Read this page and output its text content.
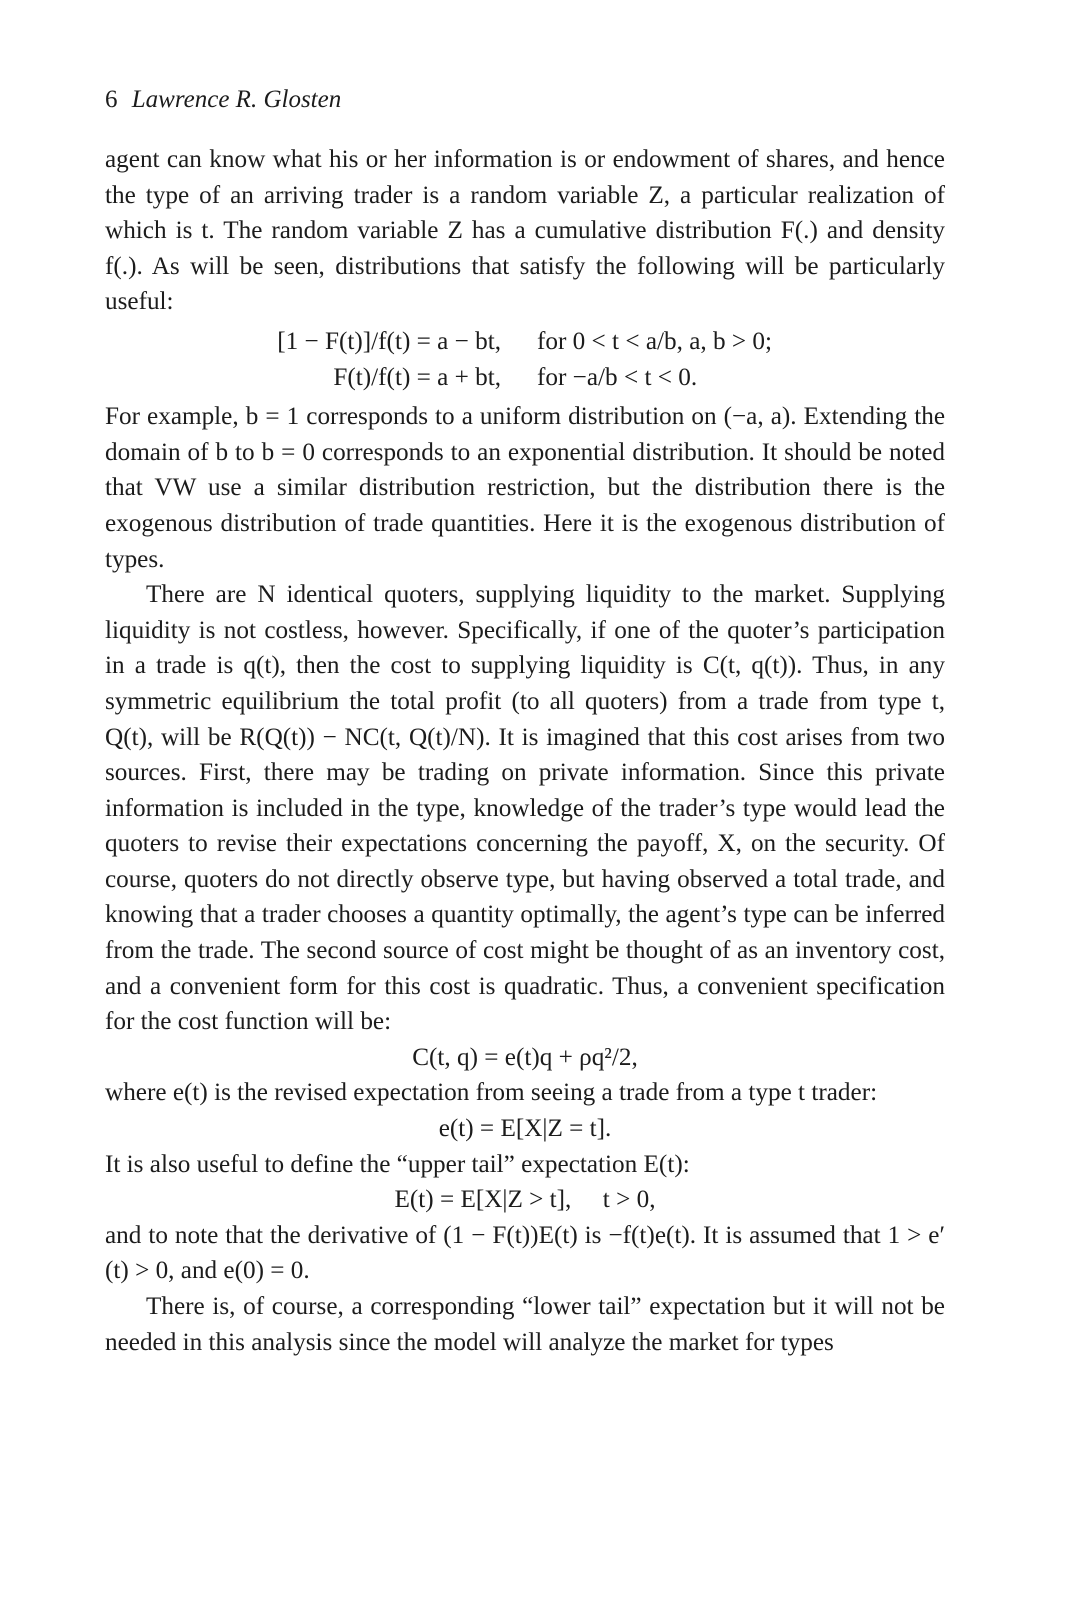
6 Lawrence R. Glosten

agent can know what his or her information is or endowment of shares, and hence the type of an arriving trader is a random variable Z, a particular realization of which is t. The random variable Z has a cumulative distribution F(.) and density f(.). As will be seen, distributions that satisfy the following will be particularly useful:

[1 − F(t)]/f(t) = a − bt, for 0 < t < a/b, a, b > 0;
F(t)/f(t) = a + bt, for −a/b < t < 0.

For example, b = 1 corresponds to a uniform distribution on (−a, a). Extending the domain of b to b = 0 corresponds to an exponential distribution. It should be noted that VW use a similar distribution restriction, but the distribution there is the exogenous distribution of trade quantities. Here it is the exogenous distribution of types.

There are N identical quoters, supplying liquidity to the market. Supplying liquidity is not costless, however. Specifically, if one of the quoter’s participation in a trade is q(t), then the cost to supplying liquidity is C(t, q(t)). Thus, in any symmetric equilibrium the total profit (to all quoters) from a trade from type t, Q(t), will be R(Q(t)) − NC(t, Q(t)/N). It is imagined that this cost arises from two sources. First, there may be trading on private information. Since this private information is included in the type, knowledge of the trader’s type would lead the quoters to revise their expectations concerning the payoff, X, on the security. Of course, quoters do not directly observe type, but having observed a total trade, and knowing that a trader chooses a quantity optimally, the agent’s type can be inferred from the trade. The second source of cost might be thought of as an inventory cost, and a convenient form for this cost is quadratic. Thus, a convenient specification for the cost function will be:

C(t, q) = e(t)q + ρq²/2,

where e(t) is the revised expectation from seeing a trade from a type t trader:

e(t) = E[X|Z = t].

It is also useful to define the “upper tail” expectation E(t):

E(t) = E[X|Z > t],     t > 0,

and to note that the derivative of (1 − F(t))E(t) is −f(t)e(t). It is assumed that 1 > e′(t) > 0, and e(0) = 0.

There is, of course, a corresponding “lower tail” expectation but it will not be needed in this analysis since the model will analyze the market for types
